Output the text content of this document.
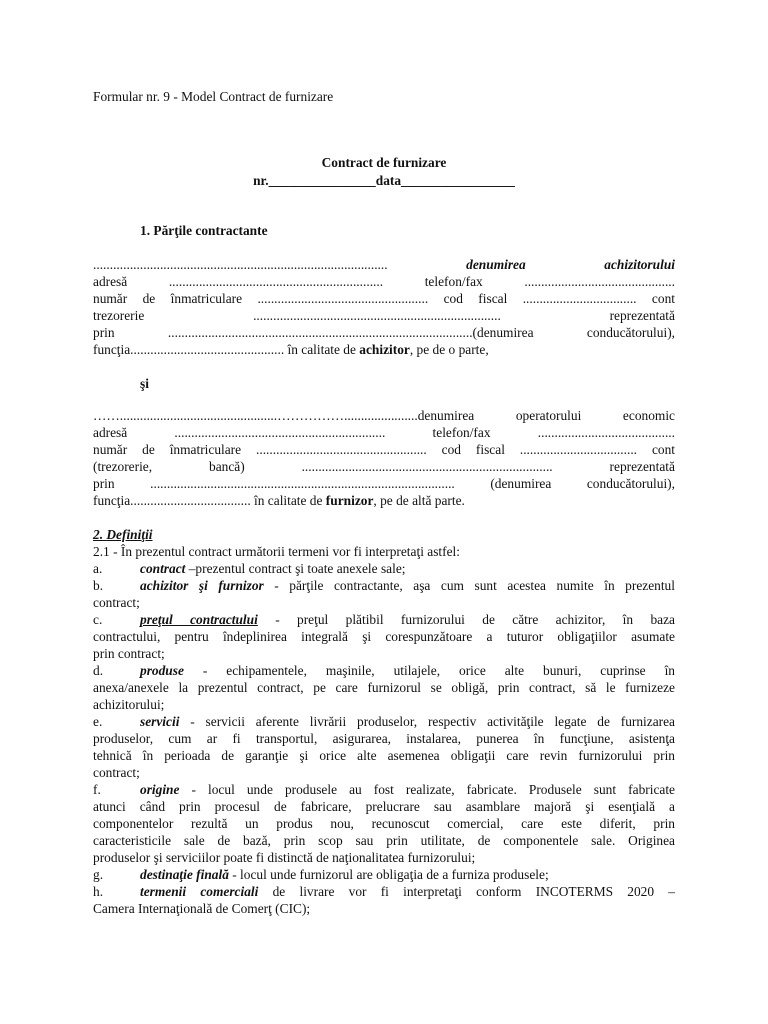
Formular nr. 9 - Model Contract de furnizare
Contract de furnizare
nr.________________data_________________
1. Părţile contractante
........................................................................................	denumirea	achizitorului
adresă ................................................................ telefon/fax .............................................
număr de înmatriculare ................................................... cod fiscal .................................. cont
trezorerie	..........................................................................	reprezentată
prin ...........................................................................................(denumirea conducătorului),
funcţia.............................................. în calitate de achizitor, pe de o parte,
şi
……...............................................……………......................denumirea operatorului economic
adresă ............................................................... telefon/fax .........................................
număr de înmatriculare ................................................... cod fiscal ................................... cont
(trezorerie,	bancă)	...........................................................................	reprezentată
prin ........................................................................................... (denumirea conducătorului),
funcţia.................................... în calitate de furnizor, pe de altă parte.
2. Definiţii
2.1 - În prezentul contract următorii termeni vor fi interpretaţi astfel:
a.	contract –prezentul contract şi toate anexele sale;
b.	achizitor şi furnizor - părţile contractante, aşa cum sunt acestea numite în prezentul
contract;
c.	preţul contractului - preţul plătibil furnizorului de către achizitor, în baza
contractului, pentru îndeplinirea integrală şi corespunzătoare a tuturor obligaţiilor asumate
prin contract;
d.	produse - echipamentele, maşinile, utilajele, orice alte bunuri, cuprinse în
anexa/anexele la prezentul contract, pe care furnizorul se obligă, prin contract, să le furnizeze
achizitorului;
e.	servicii - servicii aferente livrării produselor, respectiv activităţile legate de furnizarea
produselor, cum ar fi transportul, asigurarea, instalarea, punerea în funcţiune, asistenţa
tehnică în perioada de garanţie şi orice alte asemenea obligaţii care revin furnizorului prin
contract;
f.	origine - locul unde produsele au fost realizate, fabricate. Produsele sunt fabricate
atunci când prin procesul de fabricare, prelucrare sau asamblare majoră şi esenţială a
componentelor rezultă un produs nou, recunoscut comercial, care este diferit, prin
caracteristicile sale de bază, prin scop sau prin utilitate, de componentele sale. Originea
produselor şi serviciilor poate fi distinctă de naţionalitatea furnizorului;
g.	destinaţie finală - locul unde furnizorul are obligaţia de a furniza produsele;
h.	termenii comerciali de livrare vor fi interpretaţi conform INCOTERMS 2020 –
Camera Internaţională de Comerţ (CIC);
